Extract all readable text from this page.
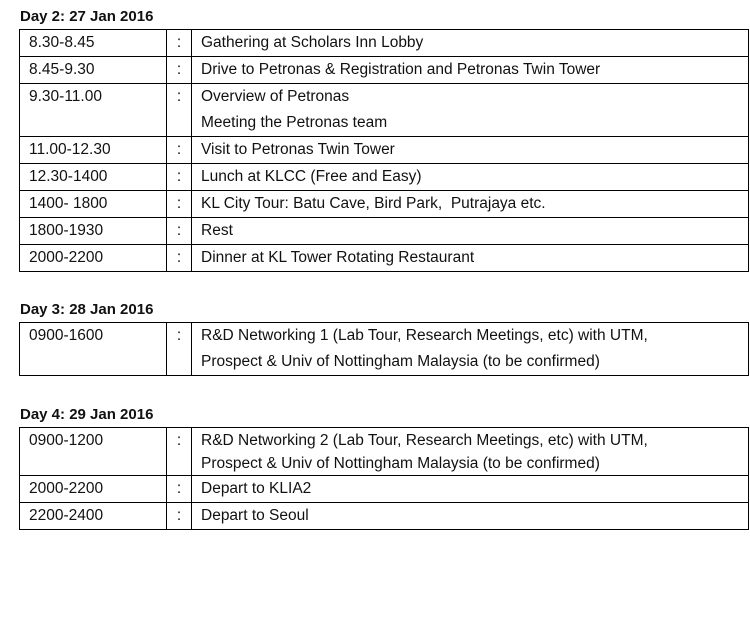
Day 2: 27 Jan 2016
8.30-8.45	:	Gathering at Scholars Inn Lobby

8.45-9.30	:	Drive to Petronas & Registration and Petronas Twin Tower

9.30-11.00	:	Overview of Petronas
Meeting the Petronas team

11.00-12.30	:	Visit to Petronas Twin Tower

12.30-1400	:	Lunch at KLCC (Free and Easy)

1400- 1800	:	KL City Tour: Batu Cave, Bird Park,  Putrajaya etc.

1800-1930	:	Rest

2000-2200	:	Dinner at KL Tower Rotating Restaurant
Day 3: 28 Jan 2016
0900-1600	:	R&D Networking 1 (Lab Tour, Research Meetings, etc) with UTM,
Prospect & Univ of Nottingham Malaysia (to be confirmed)
Day 4: 29 Jan 2016
0900-1200	:	R&D Networking 2 (Lab Tour, Research Meetings, etc) with UTM,
Prospect & Univ of Nottingham Malaysia (to be confirmed)

2000-2200	:	Depart to KLIA2

2200-2400	:	Depart to Seoul
